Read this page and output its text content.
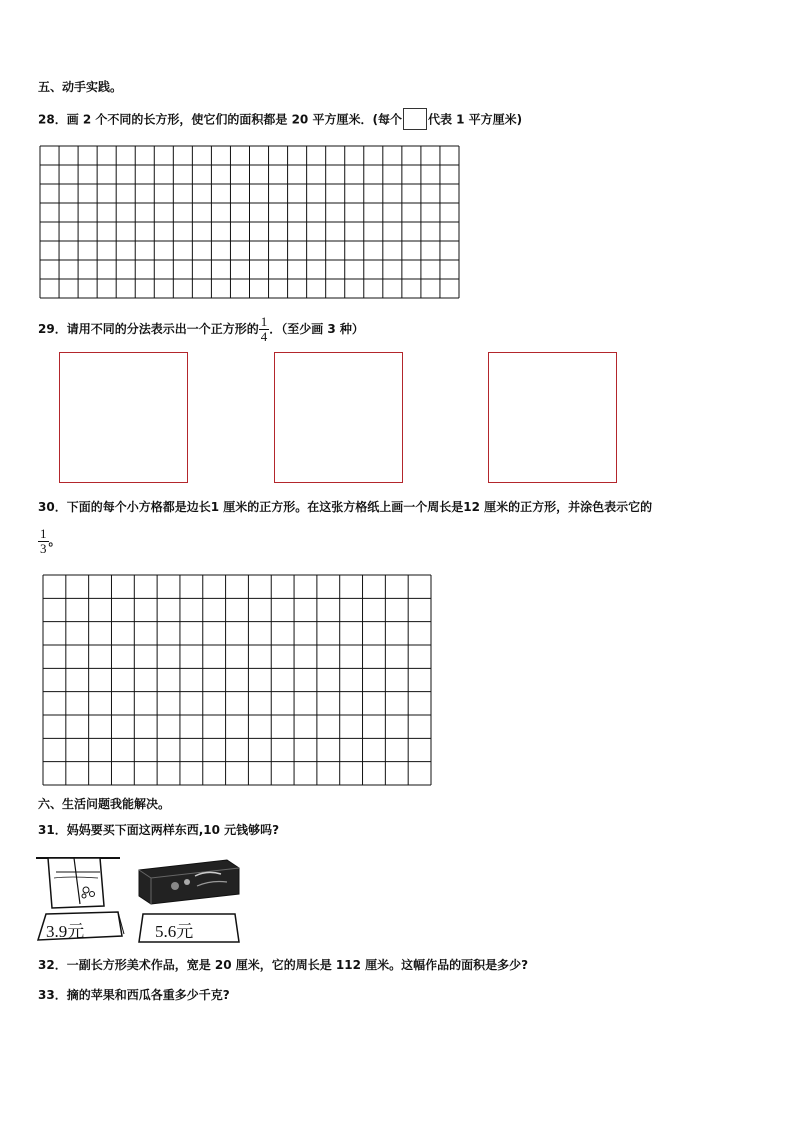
五、动手实践。
28．画 2 个不同的长方形，使它们的面积都是 20 平方厘米．(每个 代表 1 平方厘米)
29．请用不同的分法表示出一个正方形的 $\frac{1}{4}$ ．（至少画 3 种）
30．下面的每个小方格都是边长1 厘米的正方形。在这张方格纸上画一个周长是12 厘米的正方形，并涂色表示它的
$\frac{1}{3}$ 。
六、生活问题我能解决。
31．妈妈要买下面这两样东西,10 元钱够吗?
3.9元	5.6元
32．一副长方形美术作品，宽是 20 厘米，它的周长是 112 厘米。这幅作品的面积是多少?
33．摘的苹果和西瓜各重多少千克?
